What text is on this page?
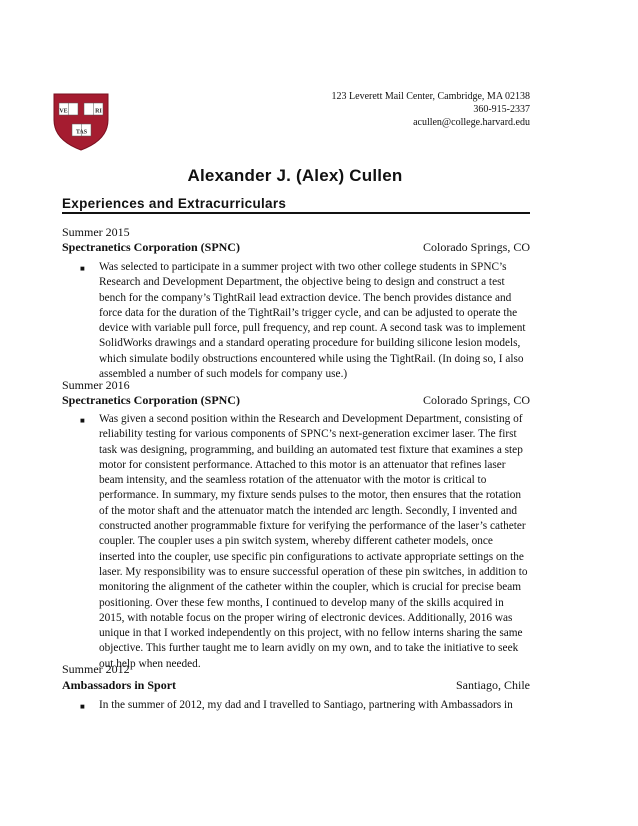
VE	RI
TAS
123 Leverett Mail Center, Cambridge, MA 02138
360-915-2337
acullen@college.harvard.edu
Alexander J. (Alex) Cullen
Experiences and Extracurriculars
Summer 2015
Spectranetics Corporation (SPNC)	Colorado Springs, CO
■ Was selected to participate in a summer project with two other college students in SPNC’s Research and Development Department, the objective being to design and construct a test bench for the company’s TightRail lead extraction device. The bench provides distance and force data for the duration of the TightRail’s trigger cycle, and can be adjusted to operate the device with variable pull force, pull frequency, and rep count. A second task was to implement SolidWorks drawings and a standard operating procedure for building silicone lesion models, which simulate bodily obstructions encountered while using the TightRail. (In doing so, I also assembled a number of such models for company use.)
Summer 2016
Spectranetics Corporation (SPNC)	Colorado Springs, CO
■ Was given a second position within the Research and Development Department, consisting of reliability testing for various components of SPNC’s next-generation excimer laser. The first task was designing, programming, and building an automated test fixture that examines a step motor for consistent performance. Attached to this motor is an attenuator that refines laser beam intensity, and the seamless rotation of the attenuator with the motor is critical to performance. In summary, my fixture sends pulses to the motor, then ensures that the rotation of the motor shaft and the attenuator match the intended arc length. Secondly, I invented and constructed another programmable fixture for verifying the performance of the laser’s catheter coupler. The coupler uses a pin switch system, whereby different catheter models, once inserted into the coupler, use specific pin configurations to activate appropriate settings on the laser. My responsibility was to ensure successful operation of these pin switches, in addition to monitoring the alignment of the catheter within the coupler, which is crucial for precise beam positioning. Over these few months, I continued to develop many of the skills acquired in 2015, with notable focus on the proper wiring of electronic devices. Additionally, 2016 was unique in that I worked independently on this project, with no fellow interns sharing the same objective. This further taught me to learn avidly on my own, and to take the initiative to seek out help when needed.
Summer 2012
Ambassadors in Sport	Santiago, Chile
■ In the summer of 2012, my dad and I travelled to Santiago, partnering with Ambassadors in
